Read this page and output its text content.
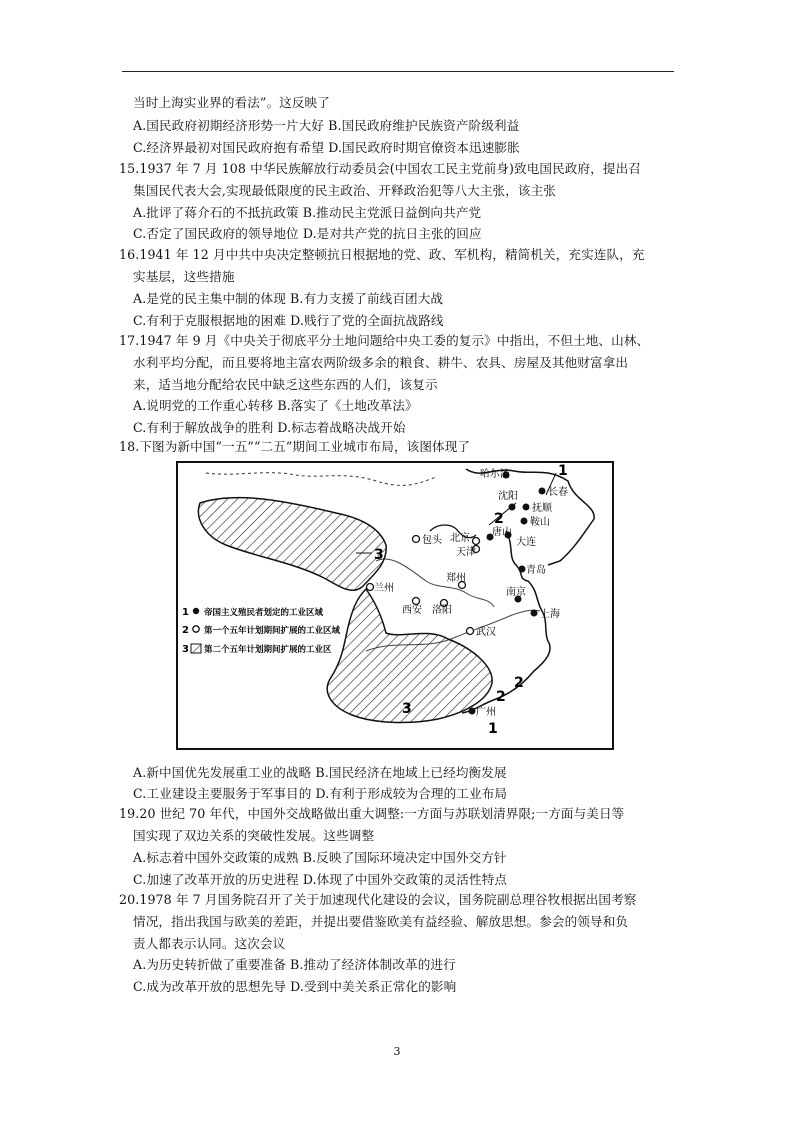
当时上海实业界的看法”。这反映了
A.国民政府初期经济形势一片大好 B.国民政府维护民族资产阶级利益
C.经济界最初对国民政府抱有希望 D.国民政府时期官僚资本迅速膨胀
15.1937 年 7 月 108 中华民族解放行动委员会(中国农工民主党前身)致电国民政府，提出召
集国民代表大会,实现最低限度的民主政治、开释政治犯等八大主张，该主张
A.批评了蒋介石的不抵抗政策 B.推动民主党派日益倒向共产党
C.否定了国民政府的领导地位 D.是对共产党的抗日主张的回应
16.1941 年 12 月中共中央决定整顿抗日根据地的党、政、军机构，精简机关，充实连队，充
实基层，这些措施
A.是党的民主集中制的体现 B.有力支援了前线百团大战
C.有利于克服根据地的困难 D.贱行了党的全面抗战路线
17.1947 年 9 月《中央关于彻底平分土地问题给中央工委的复示》中指出，不但土地、山林、
水利平均分配，而且要将地主富农两阶级多余的粮食、耕牛、农具、房屋及其他财富拿出
来，适当地分配给农民中缺乏这些东西的人们，该复示
A.说明党的工作重心转移 B.落实了《土地改革法》
C.有利于解放战争的胜利 D.标志着战略决战开始
18.下图为新中国“一五”“二五”期间工业城市布局，该图体现了
哈尔滨
长春
沈阳
抚顺
鞍山
北京
唐山
天津
大连
包头
青岛
兰州
郑州
西安 洛阳
南京
上海
武汉
广州
1
2
3
2
3
2
1
1 帝国主义殖民者划定的工业区域
2 第一个五年计划期间扩展的工业区域
3 第二个五年计划期间扩展的工业区
A.新中国优先发展重工业的战略 B.国民经济在地域上已经均衡发展
C.工业建设主要服务于军事目的 D.有利于形成较为合理的工业布局
19.20 世纪 70 年代，中国外交战略做出重大调整:一方面与苏联划清界限;一方面与美日等
国实现了双边关系的突破性发展。这些调整
A.标志着中国外交政策的成熟 B.反映了国际环境决定中国外交方针
C.加速了改革开放的历史进程 D.体现了中国外交政策的灵活性特点
20.1978 年 7 月国务院召开了关于加速现代化建设的会议，国务院副总理谷牧根据出国考察
情况，指出我国与欧美的差距，并提出要借鉴欧美有益经验、解放思想。参会的领导和负
责人都表示认同。这次会议
A.为历史转折做了重要准备 B.推动了经济体制改革的进行
C.成为改革开放的思想先导 D.受到中美关系正常化的影响
3
